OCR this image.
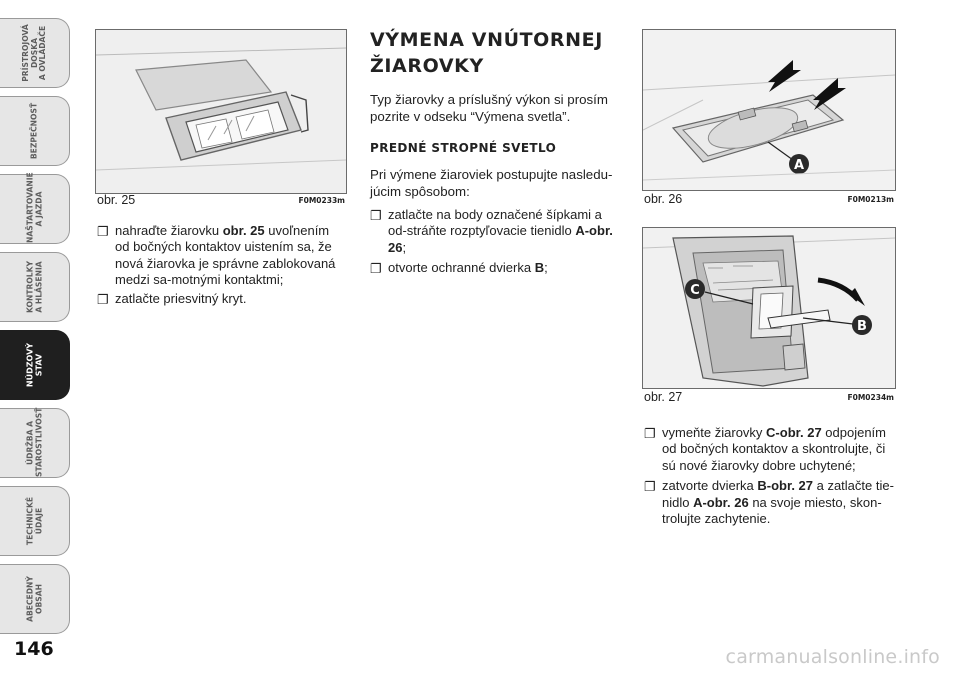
PRÍSTROJOVÁ
DOSKA
A OVLÁDAČE
BEZPEČNOSŤ
NAŠTARTOVANIE
A JAZDA
KONTROLKY
A HLÁSENIA
NÚDZOVÝ STAV
ÚDRŽBA A
STAROSTLIVOSŤ
TECHNICKÉ
ÚDAJE
ABECEDNÝ
OBSAH
146
obr. 25	F0M0233m
❐ nahraďte žiarovku obr. 25 uvoľnením od bočných kontaktov uistením sa, že nová žiarovka je správne zablokovaná medzi sa-motnými kontaktmi;
❐ zatlačte priesvitný kryt.
VÝMENA VNÚTORNEJ
ŽIAROVKY

Typ žiarovky a príslušný výkon si prosím pozrite v odseku “Výmena svetla”.

PREDNÉ STROPNÉ SVETLO

Pri výmene žiaroviek postupujte nasledu-júcim spôsobom:

❐ zatlačte na body označené šípkami a od-stráňte rozptyľovacie tienidlo A-obr. 26;
❐ otvorte ochranné dvierka B;
A
obr. 26	F0M0213m
C
B
obr. 27	F0M0234m
❐ vymeňte žiarovky C-obr. 27 odpojením od bočných kontaktov a skontrolujte, či sú nové žiarovky dobre uchytené;
❐ zatvorte dvierka B-obr. 27 a zatlačte tie-nidlo A-obr. 26 na svoje miesto, skon-trolujte zachytenie.
carmanualsonline.info
